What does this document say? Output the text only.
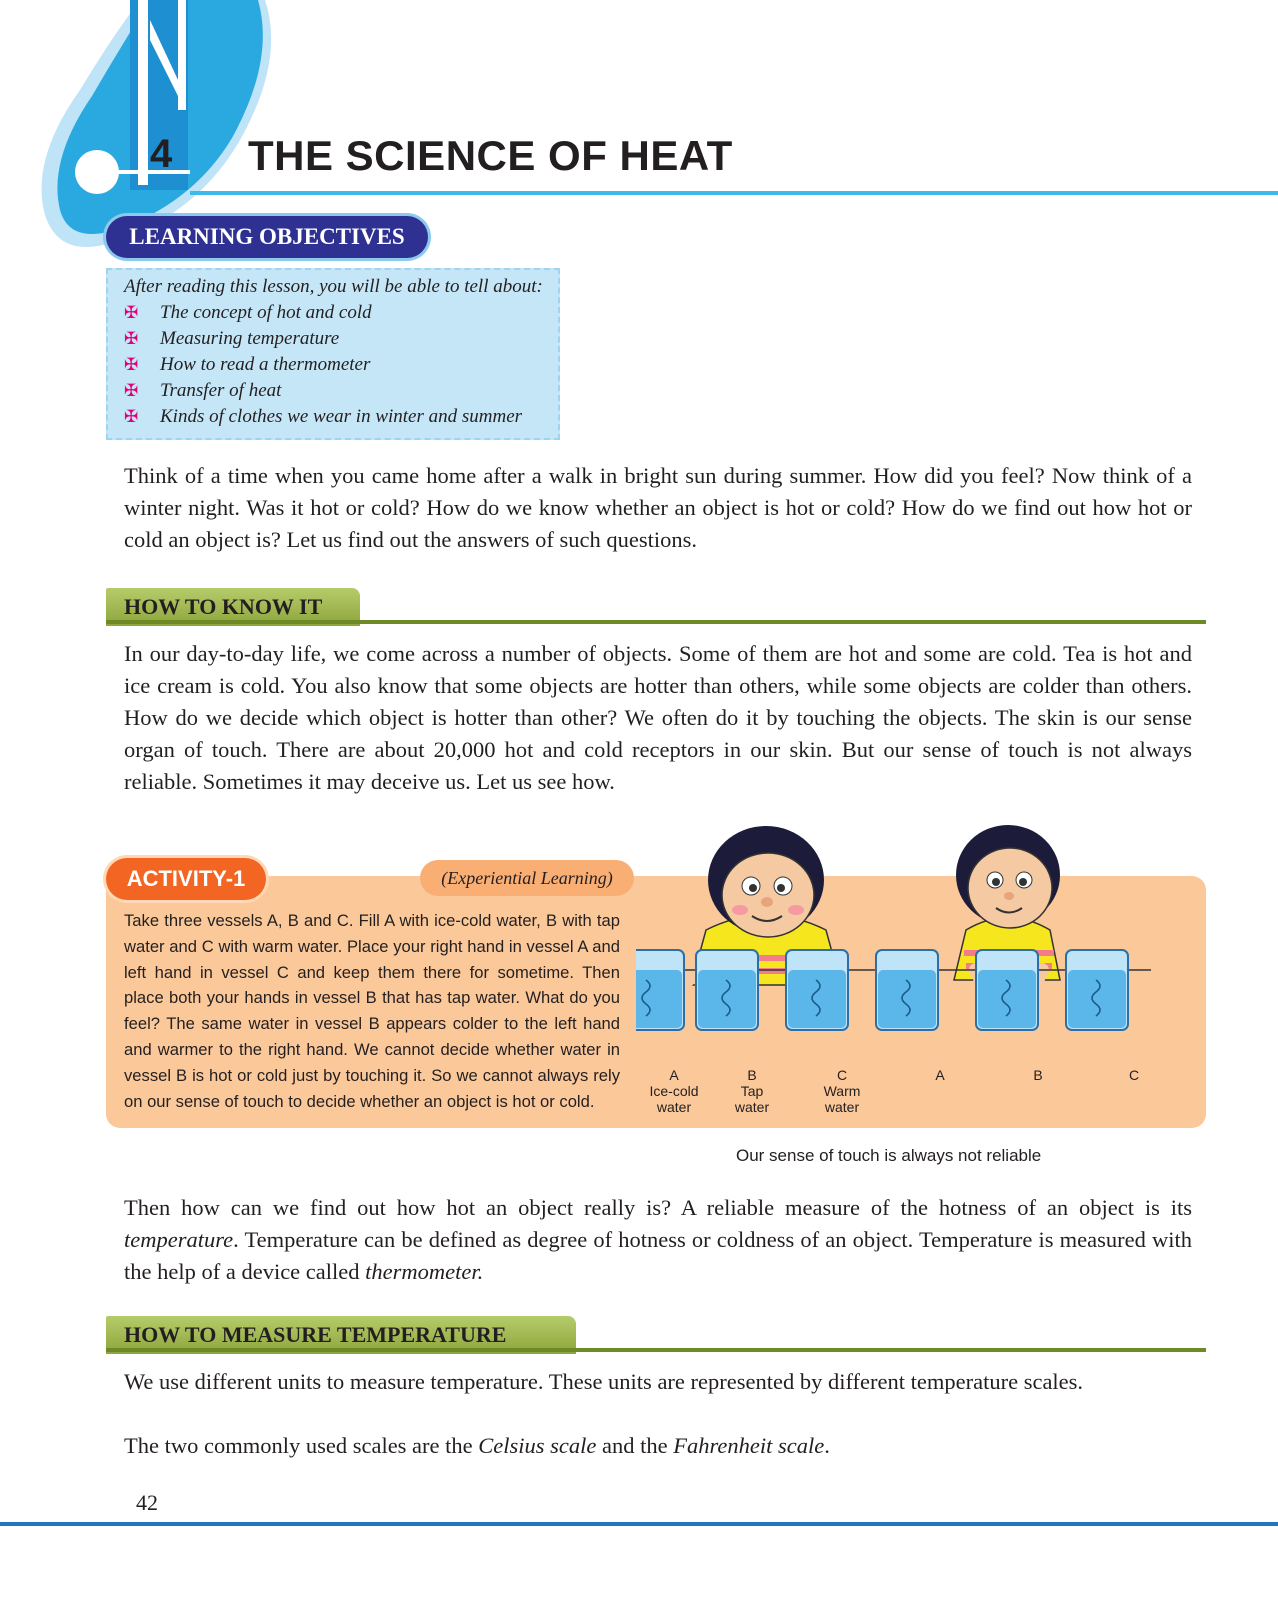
4	THE SCIENCE OF HEAT
LEARNING OBJECTIVES

After reading this lesson, you will be able to tell about:

✠	The concept of hot and cold
✠	Measuring temperature
✠	How to read a thermometer
✠	Transfer of heat
✠	Kinds of clothes we wear in winter and summer

Think of a time when you came home after a walk in bright sun during summer. How did you feel? Now think of a winter night. Was it hot or cold? How do we know whether an object is hot or cold? How do we find out how hot or cold an object is? Let us find out the answers of such questions.

HOW TO KNOW IT

In our day-to-day life, we come across a number of objects. Some of them are hot and some are cold. Tea is hot and ice cream is cold. You also know that some objects are hotter than others, while some objects are colder than others. How do we decide which object is hotter than other? We often do it by touching the objects. The skin is our sense organ of touch. There are about 20,000 hot and cold receptors in our skin. But our sense of touch is not always reliable. Sometimes it may deceive us. Let us see how.

ACTIVITY-1	(Experiential Learning)

Take three vessels A, B and C. Fill A with ice-cold water, B with tap water and C with warm water. Place your right hand in vessel A and left hand in vessel C and keep them there for sometime. Then place both your hands in vessel B that has tap water. What do you feel? The same water in vessel B appears colder to the left hand and warmer to the right hand. We cannot decide whether water in vessel B is hot or cold just by touching it. So we cannot always rely on our sense of touch to decide whether an object is hot or cold.

A
Ice-cold
water
B
Tap
water
C
Warm
water
A	B	C
Our sense of touch is always not reliable

Then how can we find out how hot an object really is? A reliable measure of the hotness of an object is its temperature. Temperature can be defined as degree of hotness or coldness of an object. Temperature is measured with the help of a device called thermometer.

HOW TO MEASURE TEMPERATURE

We use different units to measure temperature. These units are represented by different temperature scales.

The two commonly used scales are the Celsius scale and the Fahrenheit scale.

42
